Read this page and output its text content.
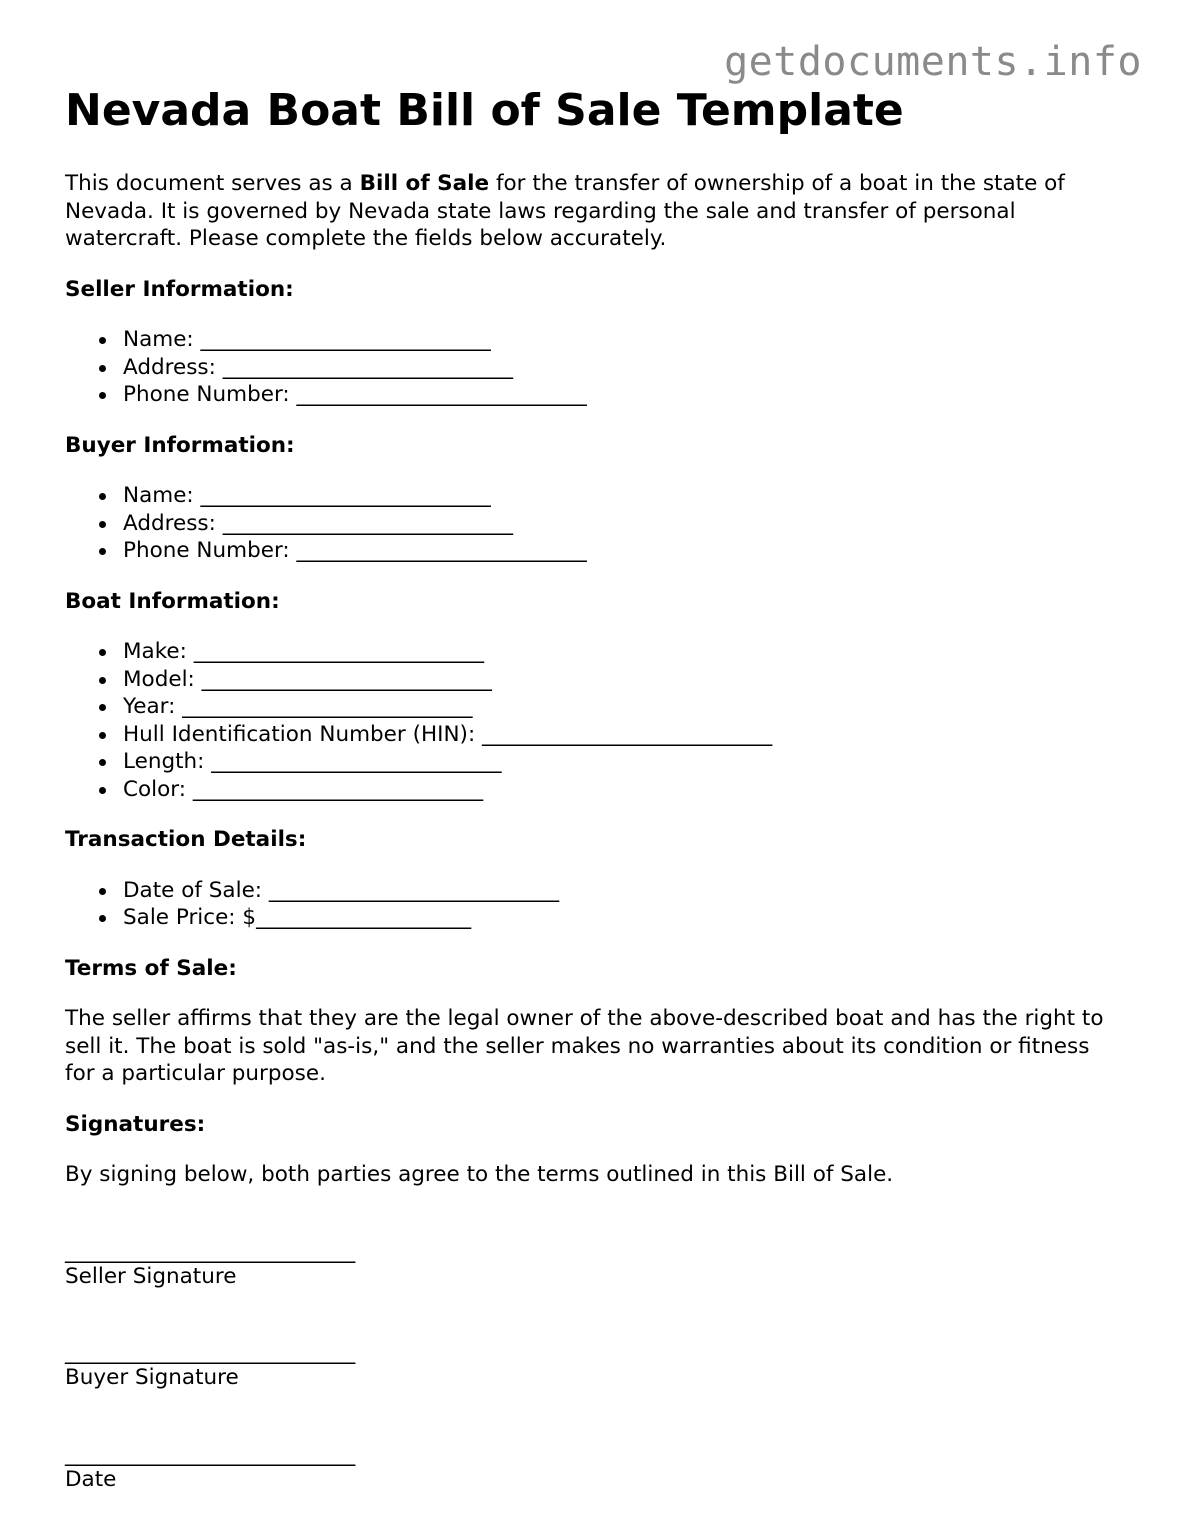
getdocuments.info
Nevada Boat Bill of Sale Template

This document serves as a Bill of Sale for the transfer of ownership of a boat in the state of Nevada. It is governed by Nevada state laws regarding the sale and transfer of personal watercraft. Please complete the fields below accurately.

Seller Information:
Name: ___________________________
Address: ___________________________
Phone Number: ___________________________
Buyer Information:
Name: ___________________________
Address: ___________________________
Phone Number: ___________________________
Boat Information:
Make: ___________________________
Model: ___________________________
Year: ___________________________
Hull Identification Number (HIN): ___________________________
Length: ___________________________
Color: ___________________________
Transaction Details:
Date of Sale: ___________________________
Sale Price: $____________________
Terms of Sale:

The seller affirms that they are the legal owner of the above-described boat and has the right to sell it. The boat is sold "as-is," and the seller makes no warranties about its condition or fitness for a particular purpose.

Signatures:

By signing below, both parties agree to the terms outlined in this Bill of Sale.

___________________________
Seller Signature
___________________________
Buyer Signature
___________________________
Date
